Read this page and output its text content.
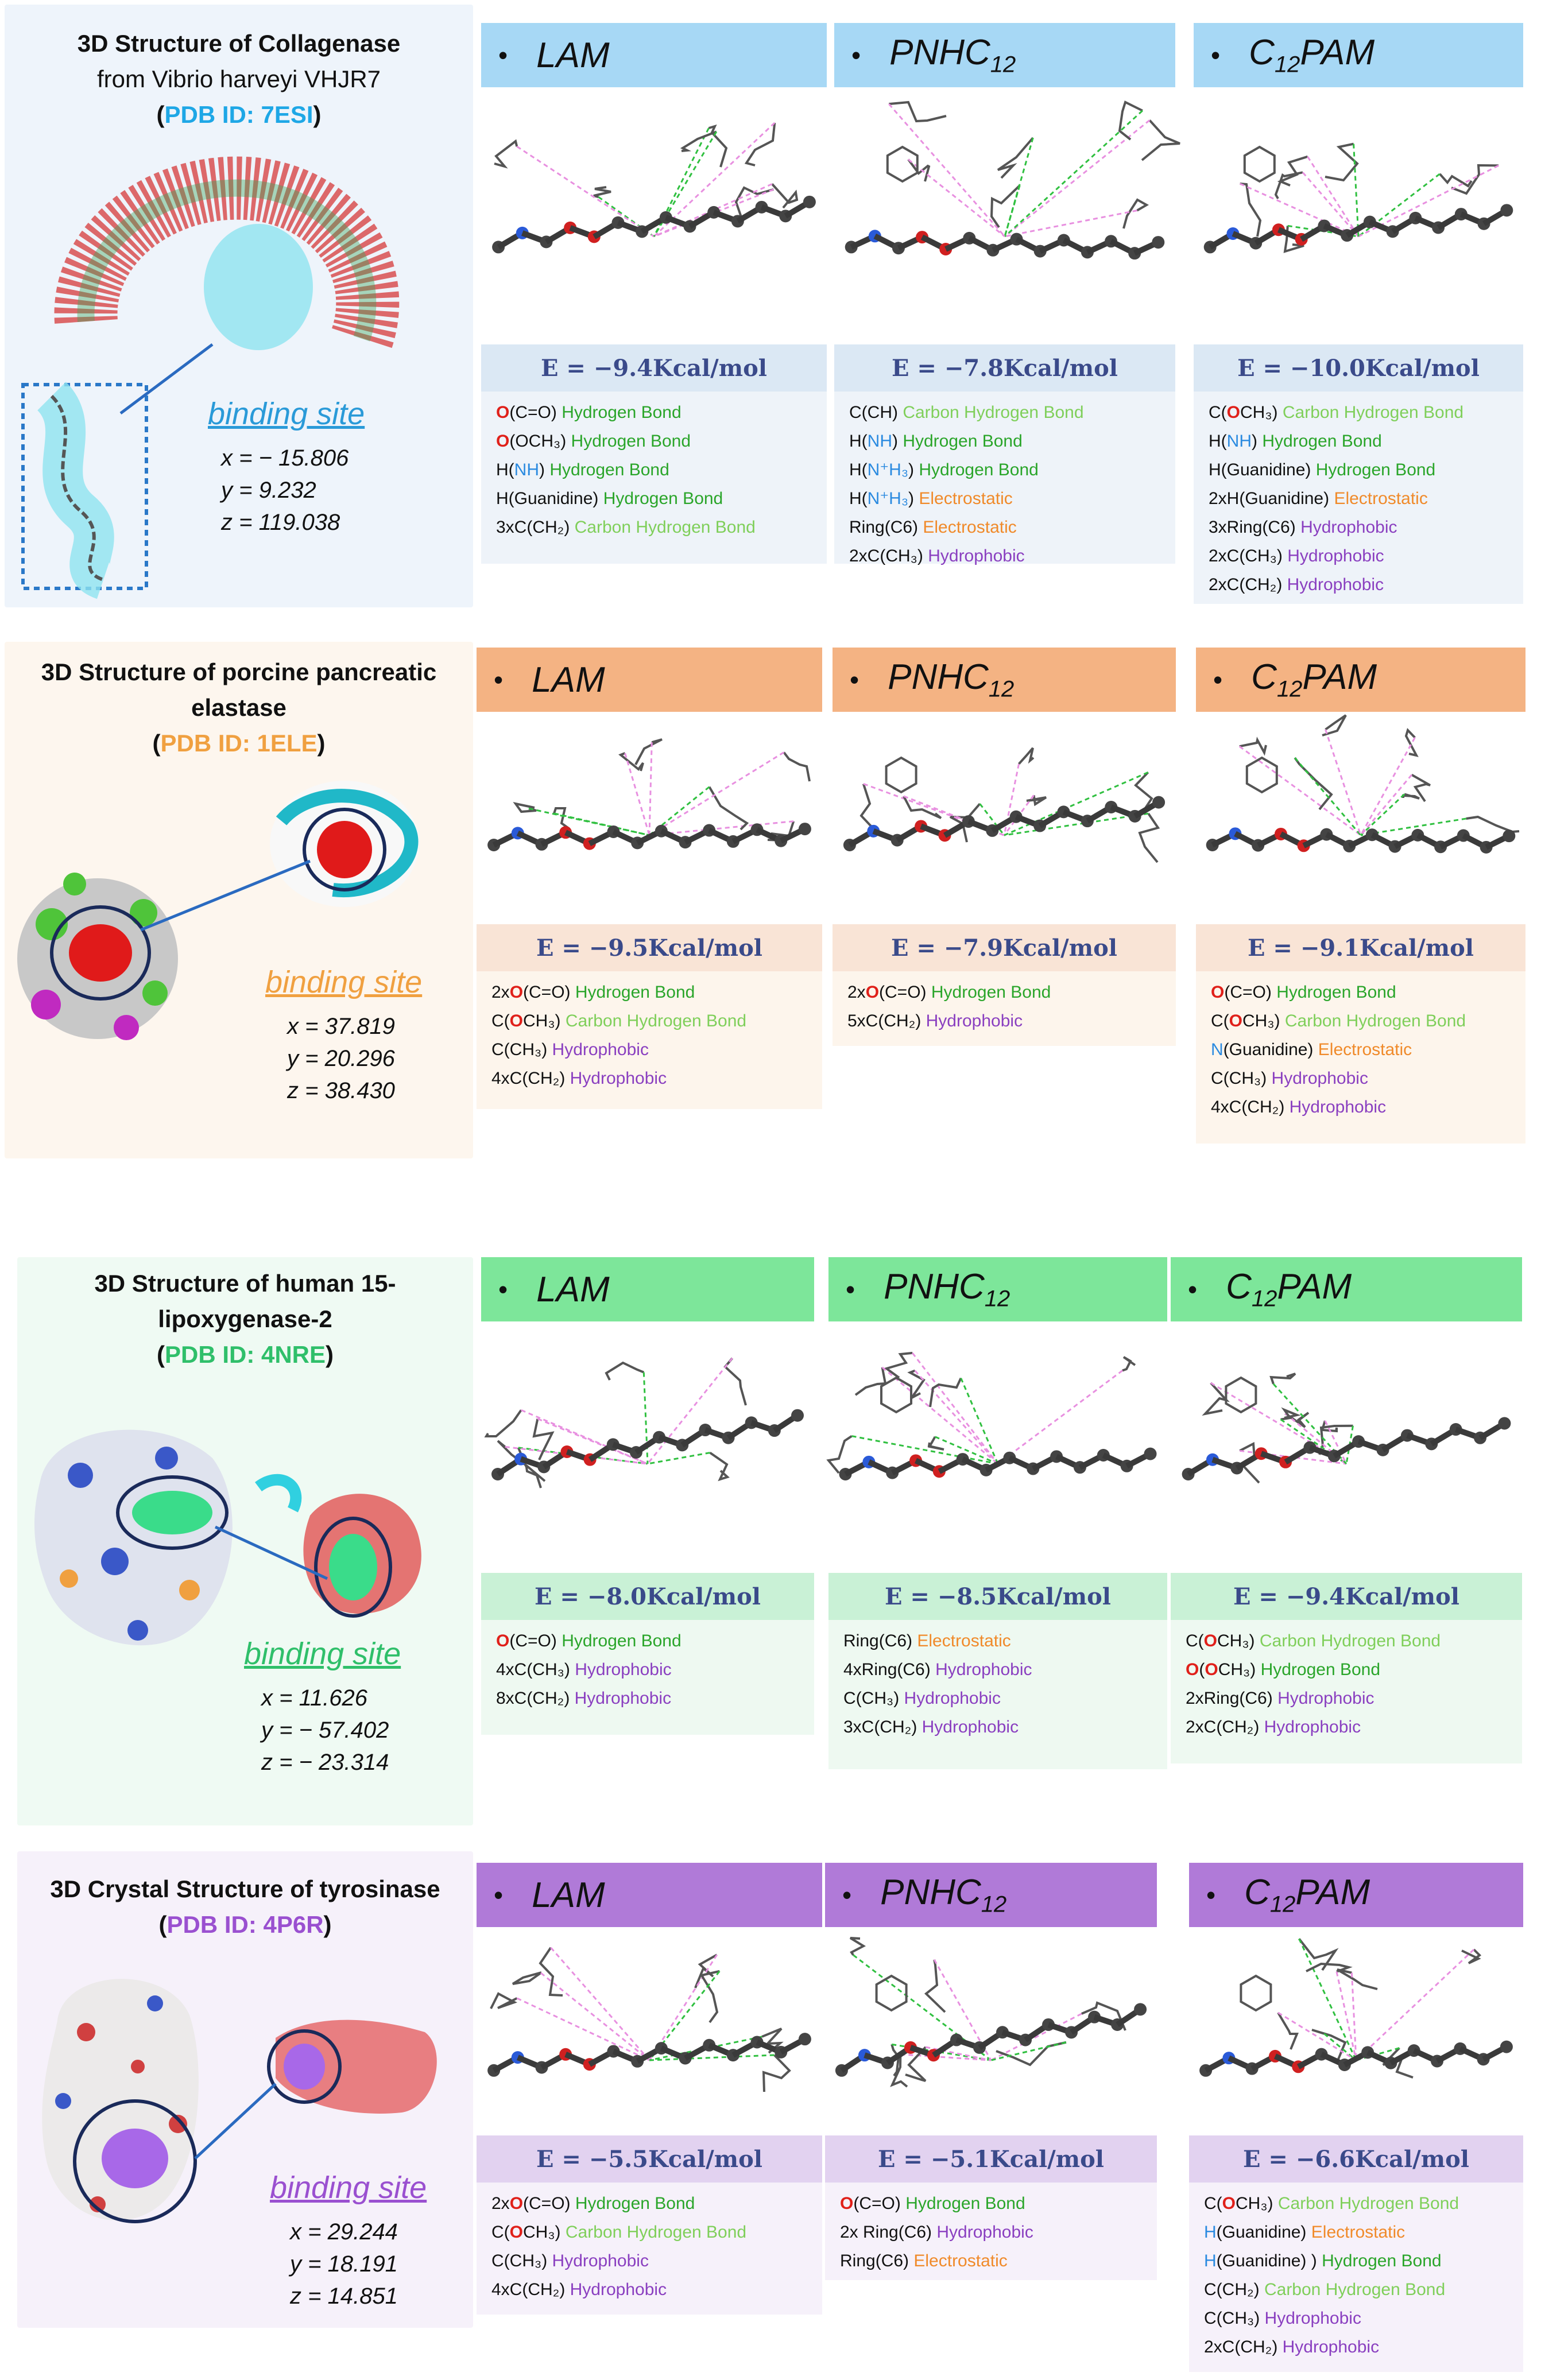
3D Structure of Collagenase
from Vibrio harveyi VHJR7
(PDB ID: 7ESI)
binding site
x = − 15.806
y = 9.232
z = 119.038
3D Structure of porcine pancreatic
elastase
(PDB ID: 1ELE)
binding site
x = 37.819
y = 20.296
z = 38.430
3D Structure of human 15-
lipoxygenase-2
(PDB ID: 4NRE)
binding site
x = 11.626
y = − 57.402
z = − 23.314
3D Crystal Structure of tyrosinase
(PDB ID: 4P6R)
binding site
x = 29.244
y = 18.191
z = 14.851
• LAM
E = −9.4Kcal/mol
O(C=O) Hydrogen Bond
O(OCH₃) Hydrogen Bond
H(NH) Hydrogen Bond
H(Guanidine) Hydrogen Bond
3xC(CH₂) Carbon Hydrogen Bond
• $PNHC_{12}$
E = −7.8Kcal/mol
C(CH) Carbon Hydrogen Bond
H(NH) Hydrogen Bond
H(N⁺H₃) Hydrogen Bond
H(N⁺H₃) Electrostatic
Ring(C6) Electrostatic
2xC(CH₃) Hydrophobic
• $C_{12}PAM$
E = −10.0Kcal/mol
C(OCH₃) Carbon Hydrogen Bond
H(NH) Hydrogen Bond
H(Guanidine) Hydrogen Bond
2xH(Guanidine) Electrostatic
3xRing(C6) Hydrophobic
2xC(CH₃) Hydrophobic
2xC(CH₂) Hydrophobic
• LAM
E = −9.5Kcal/mol
2xO(C=O) Hydrogen Bond
C(OCH₃) Carbon Hydrogen Bond
C(CH₃) Hydrophobic
4xC(CH₂) Hydrophobic
• $PNHC_{12}$
E = −7.9Kcal/mol
2xO(C=O) Hydrogen Bond
5xC(CH₂) Hydrophobic
• $C_{12}PAM$
E = −9.1Kcal/mol
O(C=O) Hydrogen Bond
C(OCH₃) Carbon Hydrogen Bond
N(Guanidine) Electrostatic
C(CH₃) Hydrophobic
4xC(CH₂) Hydrophobic
• LAM
E = −8.0Kcal/mol
O(C=O) Hydrogen Bond
4xC(CH₃) Hydrophobic
8xC(CH₂) Hydrophobic
• $PNHC_{12}$
E = −8.5Kcal/mol
Ring(C6) Electrostatic
4xRing(C6) Hydrophobic
C(CH₃) Hydrophobic
3xC(CH₂) Hydrophobic
• $C_{12}PAM$
E = −9.4Kcal/mol
C(OCH₃) Carbon Hydrogen Bond
O(OCH₃) Hydrogen Bond
2xRing(C6) Hydrophobic
2xC(CH₂) Hydrophobic
• LAM
E = −5.5Kcal/mol
2xO(C=O) Hydrogen Bond
C(OCH₃) Carbon Hydrogen Bond
C(CH₃) Hydrophobic
4xC(CH₂) Hydrophobic
• $PNHC_{12}$
E = −5.1Kcal/mol
O(C=O) Hydrogen Bond
2x Ring(C6) Hydrophobic
Ring(C6) Electrostatic
• $C_{12}PAM$
E = −6.6Kcal/mol
C(OCH₃) Carbon Hydrogen Bond
H(Guanidine) Electrostatic
H(Guanidine) ) Hydrogen Bond
C(CH₂) Carbon Hydrogen Bond
C(CH₃) Hydrophobic
2xC(CH₂) Hydrophobic
